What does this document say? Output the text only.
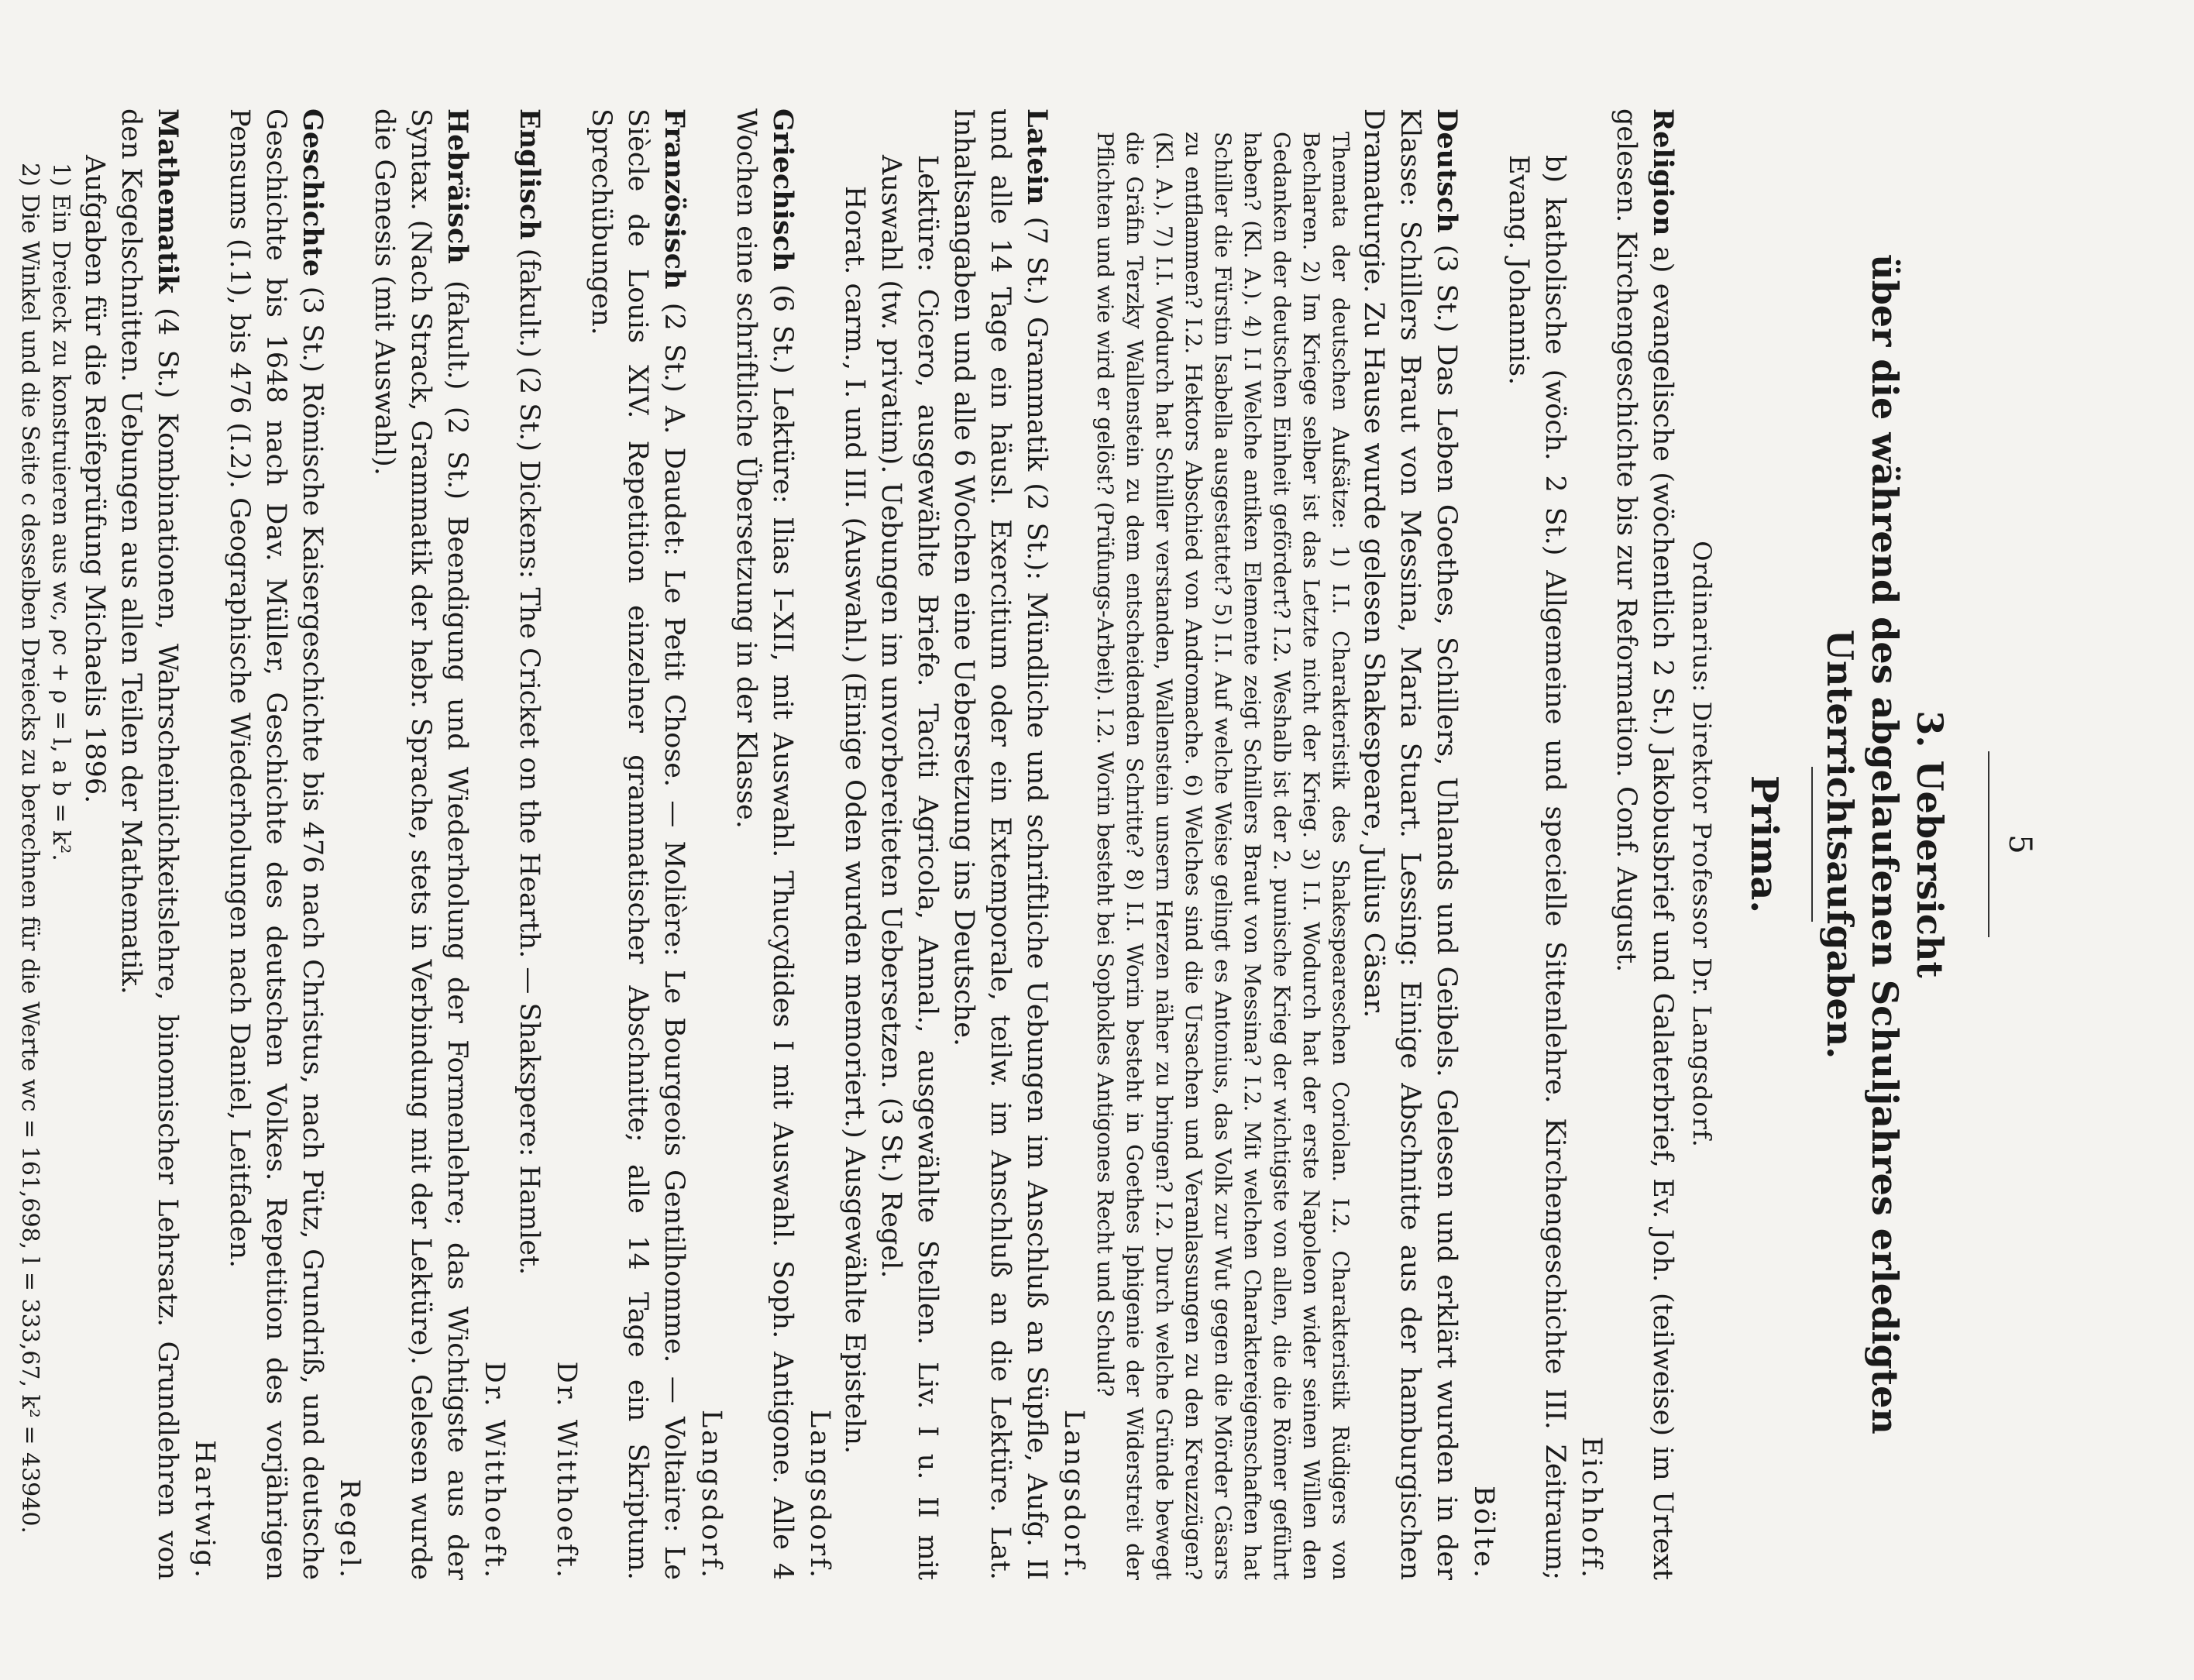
5
3. Uebersicht
über die während des abgelaufenen Schuljahres erledigten Unterrichtsaufgaben.
Prima.
Ordinarius: Direktor Professor Dr. Langsdorf.

Religion a) evangelische (wöchentlich 2 St.) Jakobusbrief und Galaterbrief, Ev. Joh. (teilweise) im Urtext gelesen. Kirchengeschichte bis zur Reformation. Conf. August.

Eichhoff.

b) katholische (wöch. 2 St.) Allgemeine und specielle Sittenlehre. Kirchengeschichte III. Zeitraum; Evang. Johannis.

Bölte.

Deutsch (3 St.) Das Leben Goethes, Schillers, Uhlands und Geibels. Gelesen und erklärt wurden in der Klasse: Schillers Braut von Messina, Maria Stuart. Lessing: Einige Abschnitte aus der hamburgischen Dramaturgie. Zu Hause wurde gelesen Shakespeare, Julius Cäsar.

Themata der deutschen Aufsätze: 1) I.I. Charakteristik des Shakespeareschen Coriolan. I.2. Charakteristik Rüdigers von Bechlaren. 2) Im Kriege selber ist das Letzte nicht der Krieg. 3) I.I. Wodurch hat der erste Napoleon wider seinen Willen den Gedanken der deutschen Einheit gefördert? I.2. Weshalb ist der 2. punische Krieg der wichtigste von allen, die die Römer geführt haben? (Kl. A.). 4) I.I Welche antiken Elemente zeigt Schillers Braut von Messina? I.2. Mit welchen Charaktereigenschaften hat Schiller die Fürstin Isabella ausgestattet? 5) I.I. Auf welche Weise gelingt es Antonius, das Volk zur Wut gegen die Mörder Cäsars zu entflammen? I.2. Hektors Abschied von Andromache. 6) Welches sind die Ursachen und Veranlassungen zu den Kreuzzügen? (Kl. A.). 7) I.I. Wodurch hat Schiller verstanden, Wallenstein unsern Herzen näher zu bringen? I.2. Durch welche Gründe bewegt die Gräfin Terzky Wallenstein zu dem entscheidenden Schritte? 8) I.I. Worin besteht in Goethes Iphigenie der Widerstreit der Pflichten und wie wird er gelöst? (Prüfungs-Arbeit). I.2. Worin besteht bei Sophokles Antigones Recht und Schuld?

Langsdorf.

Latein (7 St.) Grammatik (2 St.): Mündliche und schriftliche Uebungen im Anschluß an Süpfle, Aufg. II und alle 14 Tage ein häusl. Exercitium oder ein Extemporale, teilw. im Anschluß an die Lektüre. Lat. Inhaltsangaben und alle 6 Wochen eine Uebersetzung ins Deutsche.

Lektüre: Cicero, ausgewählte Briefe. Taciti Agricola, Annal., ausgewählte Stellen. Liv. I u. II mit Auswahl (tw. privatim). Uebungen im unvorbereiteten Uebersetzen. (3 St.) Regel.

Horat. carm., I. und III. (Auswahl.) (Einige Oden wurden memoriert.) Ausgewählte Episteln.

Langsdorf.

Griechisch (6 St.) Lektüre: Ilias I–XII, mit Auswahl. Thucydides I mit Auswahl. Soph. Antigone. Alle 4 Wochen eine schriftliche Übersetzung in der Klasse.

Langsdorf.

Französisch (2 St.) A. Daudet: Le Petit Chose. — Molière: Le Bourgeois Gentilhomme. — Voltaire: Le Siècle de Louis XIV. Repetition einzelner grammatischer Abschnitte; alle 14 Tage ein Skriptum. Sprechübungen.

Dr. Witthoeft.

Englisch (fakult.) (2 St.) Dickens: The Cricket on the Hearth. — Shakspere: Hamlet.

Dr. Witthoeft.

Hebräisch (fakult.) (2 St.) Beendigung und Wiederholung der Formenlehre; das Wichtigste aus der Syntax. (Nach Strack, Grammatik der hebr. Sprache, stets in Verbindung mit der Lektüre). Gelesen wurde die Genesis (mit Auswahl).

Regel.

Geschichte (3 St.) Römische Kaisergeschichte bis 476 nach Christus, nach Pütz, Grundriß, und deutsche Geschichte bis 1648 nach Dav. Müller, Geschichte des deutschen Volkes. Repetition des vorjährigen Pensums (I.1), bis 476 (I.2). Geographische Wiederholungen nach Daniel, Leitfaden.

Hartwig.

Mathematik (4 St.) Kombinationen, Wahrscheinlichkeitslehre, binomischer Lehrsatz. Grundlehren von den Kegelschnitten. Uebungen aus allen Teilen der Mathematik.

Aufgaben für die Reifeprüfung Michaelis 1896.

1) Ein Dreieck zu konstruieren aus wc, ρc + ρ = l, a b = k².

2) Die Winkel und die Seite c desselben Dreiecks zu berechnen für die Werte wc = 161,698, l = 333,67, k² = 43940.
